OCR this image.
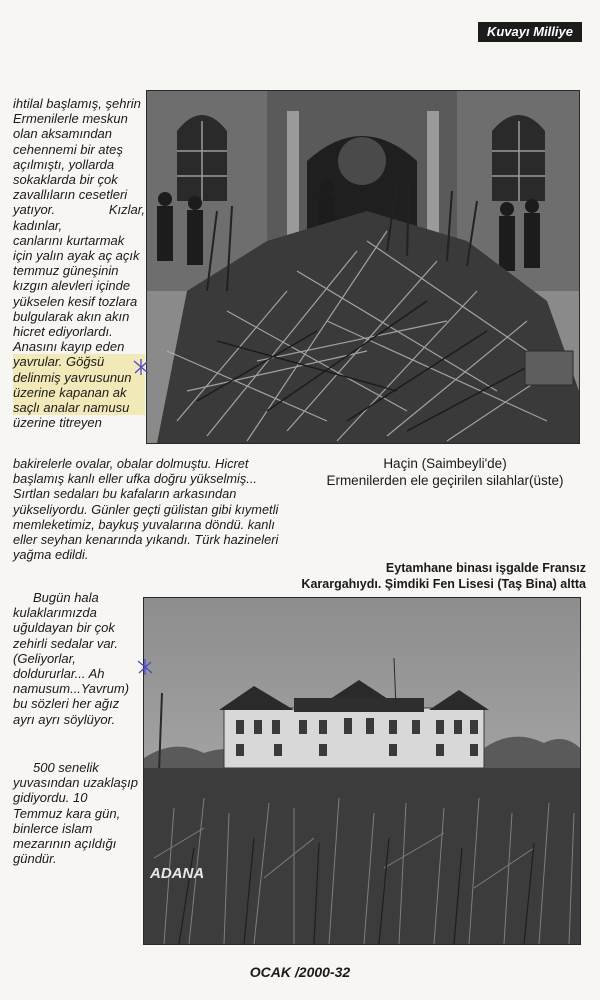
Kuvayı Milliye

ihtilal başlamış, şehrin

Ermenilerle meskun

olan aksamından

cehennemi bir ateş

açılmıştı, yollarda

sokaklarda bir çok

zavallıların cesetleri

yatıyor. Kızlar, kadınlar,

canlarını kurtarmak

için yalın ayak aç açık

temmuz güneşinin

kızgın alevleri içinde

yükselen kesif tozlara

bulgularak akın akın

hicret ediyorlardı.

Anasını kayıp eden

yavrular. Göğsü

delinmiş yavrusunun

üzerine kapanan ak

saçlı analar namusu

üzerine titreyen

Haçin (Saimbeyli'de)
Ermenilerden ele geçirilen silahlar(üste)
bakirelerle ovalar, obalar dolmuştu. Hicret
başlamış kanlı eller ufka doğru yükselmiş...
Sırtlan sedaları bu kafaların arkasından
yükseliyordu. Günler geçti gülistan gibi kıymetli
memleketimiz, baykuş yuvalarına döndü. kanlı
eller seyhan kenarında yıkandı. Türk hazineleri
yağma edildi.
Eytamhane binası işgalde Fransız
Karargahıydı. Şimdiki Fen Lisesi (Taş Bina) altta

Bugün hala

kulaklarımızda

uğuldayan bir çok

zehirli sedalar var.

(Geliyorlar,

doldururlar... Ah

namusum...Yavrum)

bu sözleri her ağız

ayrı ayrı söylüyor.

500 senelik

yuvasından uzaklaşıp

gidiyordu. 10

Temmuz kara gün,

binlerce islam

mezarının açıldığı

gündür.

ADANA
OCAK /2000-32
